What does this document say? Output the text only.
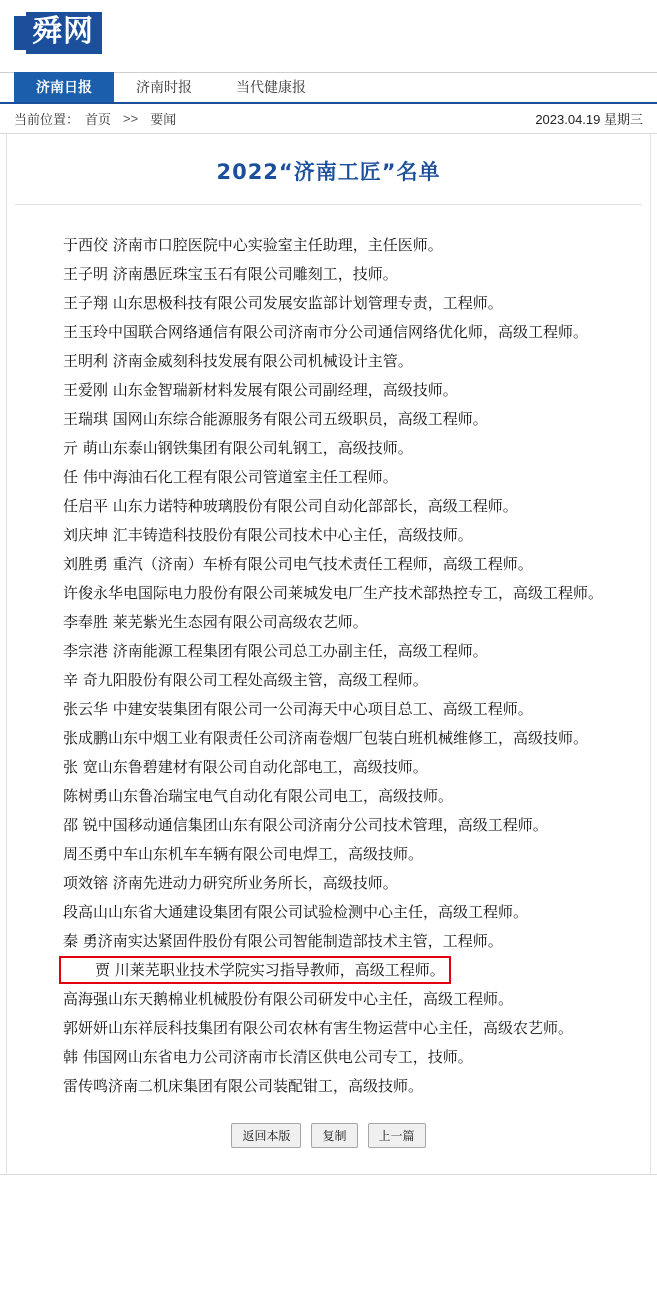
舜网
济南日报	济南时报	当代健康报
当前位置： 首页 >> 要闻	2023.04.19 星期三
2022“济南工匠”名单

于西佼 济南市口腔医院中心实验室主任助理，主任医师。

王子明 济南愚匠珠宝玉石有限公司雕刻工，技师。

王子翔 山东思极科技有限公司发展安监部计划管理专责，工程师。

王玉玲中国联合网络通信有限公司济南市分公司通信网络优化师，高级工程师。

王明利 济南金威刻科技发展有限公司机械设计主管。

王爱刚 山东金智瑞新材料发展有限公司副经理，高级技师。

王瑞琪 国网山东综合能源服务有限公司五级职员，高级工程师。

亓 萌山东泰山钢铁集团有限公司轧钢工，高级技师。

任 伟中海油石化工程有限公司管道室主任工程师。

任启平 山东力诺特种玻璃股份有限公司自动化部部长，高级工程师。

刘庆坤 汇丰铸造科技股份有限公司技术中心主任，高级技师。

刘胜勇 重汽（济南）车桥有限公司电气技术责任工程师，高级工程师。

许俊永华电国际电力股份有限公司莱城发电厂生产技术部热控专工，高级工程师。

李奉胜 莱芜紫光生态园有限公司高级农艺师。

李宗港 济南能源工程集团有限公司总工办副主任，高级工程师。

辛 奇九阳股份有限公司工程处高级主管，高级工程师。

张云华 中建安装集团有限公司一公司海天中心项目总工、高级工程师。

张成鹏山东中烟工业有限责任公司济南卷烟厂包装白班机械维修工，高级技师。

张 宽山东鲁碧建材有限公司自动化部电工，高级技师。

陈树勇山东鲁冶瑞宝电气自动化有限公司电工，高级技师。

邵 锐中国移动通信集团山东有限公司济南分公司技术管理，高级工程师。

周丕勇中车山东机车车辆有限公司电焊工，高级技师。

项效镕 济南先进动力研究所业务所长，高级技师。

段高山山东省大通建设集团有限公司试验检测中心主任，高级工程师。

秦 勇济南实达紧固件股份有限公司智能制造部技术主管，工程师。

贾 川莱芜职业技术学院实习指导教师，高级工程师。

高海强山东天鹅棉业机械股份有限公司研发中心主任，高级工程师。

郭妍妍山东祥辰科技集团有限公司农林有害生物运营中心主任，高级农艺师。

韩 伟国网山东省电力公司济南市长清区供电公司专工，技师。

雷传鸣济南二机床集团有限公司装配钳工，高级技师。

返回本版	复制	上一篇
